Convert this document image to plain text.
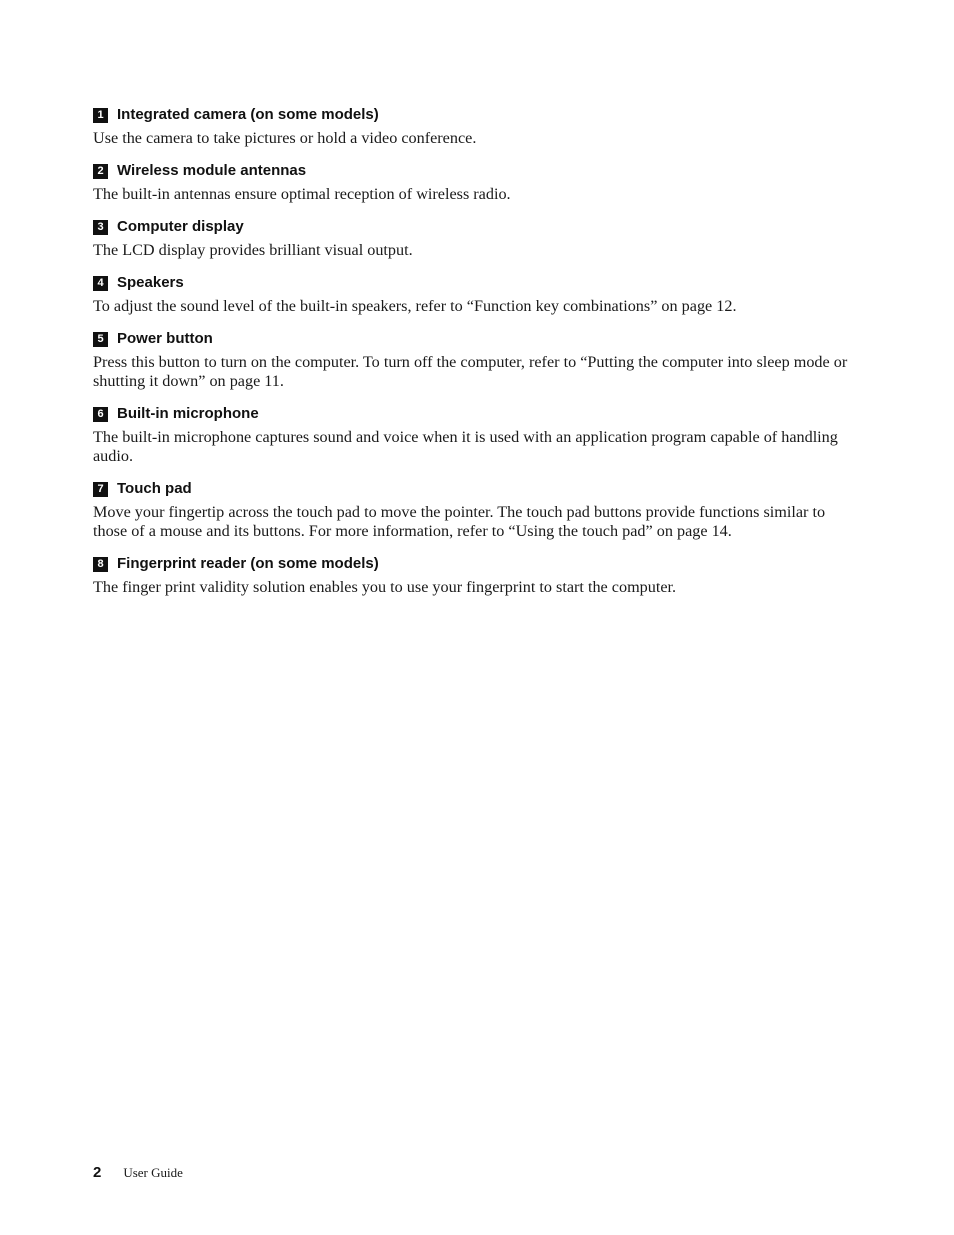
1 Integrated camera (on some models)

Use the camera to take pictures or hold a video conference.

2 Wireless module antennas

The built-in antennas ensure optimal reception of wireless radio.

3 Computer display

The LCD display provides brilliant visual output.

4 Speakers

To adjust the sound level of the built-in speakers, refer to “Function key combinations” on page 12.

5 Power button

Press this button to turn on the computer. To turn off the computer, refer to “Putting the computer into sleep mode or shutting it down” on page 11.

6 Built-in microphone

The built-in microphone captures sound and voice when it is used with an application program capable of handling audio.

7 Touch pad

Move your fingertip across the touch pad to move the pointer. The touch pad buttons provide functions similar to those of a mouse and its buttons. For more information, refer to “Using the touch pad” on page 14.

8 Fingerprint reader (on some models)

The finger print validity solution enables you to use your fingerprint to start the computer.

2 User Guide
